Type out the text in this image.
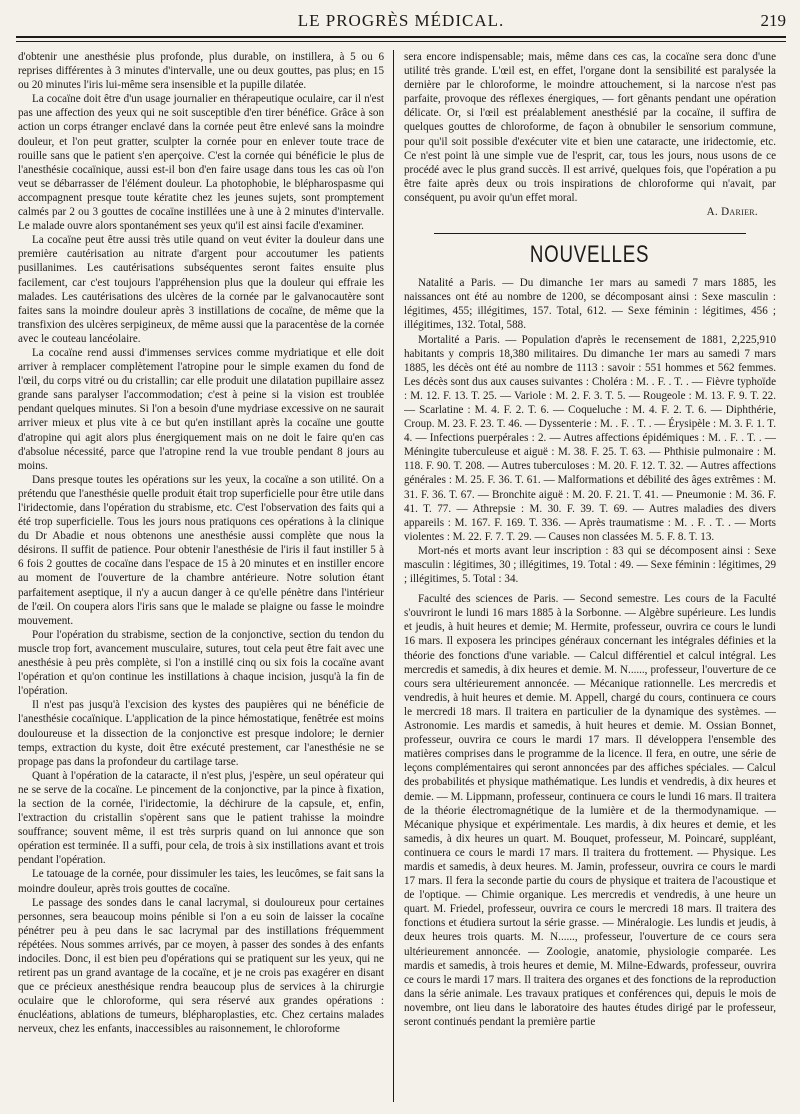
LE PROGRÈS MÉDICAL.	219

d'obtenir une anesthésie plus profonde, plus durable, on instillera, à 5 ou 6 reprises différentes à 3 minutes d'intervalle, une ou deux gouttes, pas plus; en 15 ou 20 minutes l'iris lui-même sera insensible et la pupille dilatée.

La cocaïne doit être d'un usage journalier en thérapeutique oculaire, car il n'est pas une affection des yeux qui ne soit susceptible d'en tirer bénéfice. Grâce à son action un corps étranger enclavé dans la cornée peut être enlevé sans la moindre douleur, et l'on peut gratter, sculpter la cornée pour en enlever toute trace de rouille sans que le patient s'en aperçoive. C'est la cornée qui bénéficie le plus de l'anesthésie cocaïnique, aussi est-il bon d'en faire usage dans tous les cas où l'on veut se débarrasser de l'élément douleur. La photophobie, le blépharospasme qui accompagnent presque toute kératite chez les jeunes sujets, sont promptement calmés par 2 ou 3 gouttes de cocaïne instillées une à une à 2 minutes d'intervalle. Le malade ouvre alors spontanément ses yeux qu'il est ainsi facile d'examiner.

La cocaïne peut être aussi très utile quand on veut éviter la douleur dans une première cautérisation au nitrate d'argent pour accoutumer les patients pusillanimes. Les cautérisations subséquentes seront faites ensuite plus facilement, car c'est toujours l'appréhension plus que la douleur qui effraie les malades. Les cautérisations des ulcères de la cornée par le galvanocautère sont faites sans la moindre douleur après 3 instillations de cocaïne, de même que la transfixion des ulcères serpigineux, de même aussi que la paracentèse de la cornée avec le couteau lancéolaire.

La cocaïne rend aussi d'immenses services comme mydriatique et elle doit arriver à remplacer complètement l'atropine pour le simple examen du fond de l'œil, du corps vitré ou du cristallin; car elle produit une dilatation pupillaire assez grande sans paralyser l'accommodation; c'est à peine si la vision est troublée pendant quelques minutes. Si l'on a besoin d'une mydriase excessive on ne saurait arriver mieux et plus vite à ce but qu'en instillant après la cocaïne une goutte d'atropine qui agit alors plus énergiquement mais on ne doit le faire qu'en cas d'absolue nécessité, parce que l'atropine rend la vue trouble pendant 8 jours au moins.

Dans presque toutes les opérations sur les yeux, la cocaïne a son utilité. On a prétendu que l'anesthésie quelle produit était trop superficielle pour être utile dans l'iridectomie, dans l'opération du strabisme, etc. C'est l'observation des faits qui a été trop superficielle. Tous les jours nous pratiquons ces opérations à la clinique du Dr Abadie et nous obtenons une anesthésie aussi complète que nous la désirons. Il suffit de patience. Pour obtenir l'anesthésie de l'iris il faut instiller 5 à 6 fois 2 gouttes de cocaïne dans l'espace de 15 à 20 minutes et en instiller encore au moment de l'ouverture de la chambre antérieure. Notre solution étant parfaitement aseptique, il n'y a aucun danger à ce qu'elle pénètre dans l'intérieur de l'œil. On coupera alors l'iris sans que le malade se plaigne ou fasse le moindre mouvement.

Pour l'opération du strabisme, section de la conjonctive, section du tendon du muscle trop fort, avancement musculaire, sutures, tout cela peut être fait avec une anesthésie à peu près complète, si l'on a instillé cinq ou six fois la cocaïne avant l'opération et qu'on continue les instillations à chaque incision, jusqu'à la fin de l'opération.

Il n'est pas jusqu'à l'excision des kystes des paupières qui ne bénéficie de l'anesthésie cocaïnique. L'application de la pince hémostatique, fenêtrée est moins douloureuse et la dissection de la conjonctive est presque indolore; le dernier temps, extraction du kyste, doit être exécuté prestement, car l'anesthésie ne se propage pas dans la profondeur du cartilage tarse.

Quant à l'opération de la cataracte, il n'est plus, j'espère, un seul opérateur qui ne se serve de la cocaïne. Le pincement de la conjonctive, par la pince à fixation, la section de la cornée, l'iridectomie, la déchirure de la capsule, et, enfin, l'extraction du cristallin s'opèrent sans que le patient trahisse la moindre souffrance; souvent même, il est très surpris quand on lui annonce que son opération est terminée. Il a suffi, pour cela, de trois à six instillations avant et trois pendant l'opération.

Le tatouage de la cornée, pour dissimuler les taies, les leucômes, se fait sans la moindre douleur, après trois gouttes de cocaïne.

Le passage des sondes dans le canal lacrymal, si douloureux pour certaines personnes, sera beaucoup moins pénible si l'on a eu soin de laisser la cocaïne pénétrer peu à peu dans le sac lacrymal par des instillations fréquemment répétées. Nous sommes arrivés, par ce moyen, à passer des sondes à des enfants indociles. Donc, il est bien peu d'opérations qui se pratiquent sur les yeux, qui ne retirent pas un grand avantage de la cocaïne, et je ne crois pas exagérer en disant que ce précieux anesthésique rendra beaucoup plus de services à la chirurgie oculaire que le chloroforme, qui sera réservé aux grandes opérations : énucléations, ablations de tumeurs, blépharoplasties, etc. Chez certains malades nerveux, chez les enfants, inaccessibles au raisonnement, le chloroforme

sera encore indispensable; mais, même dans ces cas, la cocaïne sera donc d'une utilité très grande. L'œil est, en effet, l'organe dont la sensibilité est paralysée la dernière par le chloroforme, le moindre attouchement, si la narcose n'est pas parfaite, provoque des réflexes énergiques, — fort gênants pendant une opération délicate. Or, si l'œil est préalablement anesthésié par la cocaïne, il suffira de quelques gouttes de chloroforme, de façon à obnubiler le sensorium commune, pour qu'il soit possible d'exécuter vite et bien une cataracte, une iridectomie, etc. Ce n'est point là une simple vue de l'esprit, car, tous les jours, nous usons de ce procédé avec le plus grand succès. Il est arrivé, quelques fois, que l'opération a pu être faite après deux ou trois inspirations de chloroforme qui n'avait, par conséquent, pu avoir qu'un effet moral.

A. Darier.
NOUVELLES

Natalité a Paris. — Du dimanche 1er mars au samedi 7 mars 1885, les naissances ont été au nombre de 1200, se décomposant ainsi : Sexe masculin : légitimes, 455; illégitimes, 157. Total, 612. — Sexe féminin : légitimes, 456 ; illégitimes, 132. Total, 588.

Mortalité a Paris. — Population d'après le recensement de 1881, 2,225,910 habitants y compris 18,380 militaires. Du dimanche 1er mars au samedi 7 mars 1885, les décès ont été au nombre de 1113 : savoir : 551 hommes et 562 femmes. Les décès sont dus aux causes suivantes : Choléra : M. . F. . T. . — Fièvre typhoïde : M. 12. F. 13. T. 25. — Variole : M. 2. F. 3. T. 5. — Rougeole : M. 13. F. 9. T. 22. — Scarlatine : M. 4. F. 2. T. 6. — Coqueluche : M. 4. F. 2. T. 6. — Diphthérie, Croup. M. 23. F. 23. T. 46. — Dyssenterie : M. . F. . T. . — Érysipèle : M. 3. F. 1. T. 4. — Infections puerpérales : 2. — Autres affections épidémiques : M. . F. . T. . — Méningite tuberculeuse et aiguë : M. 38. F. 25. T. 63. — Phthisie pulmonaire : M. 118. F. 90. T. 208. — Autres tuberculoses : M. 20. F. 12. T. 32. — Autres affections générales : M. 25. F. 36. T. 61. — Malformations et débilité des âges extrêmes : M. 31. F. 36. T. 67. — Bronchite aiguë : M. 20. F. 21. T. 41. — Pneumonie : M. 36. F. 41. T. 77. — Athrepsie : M. 30. F. 39. T. 69. — Autres maladies des divers appareils : M. 167. F. 169. T. 336. — Après traumatisme : M. . F. . T. . — Morts violentes : M. 22. F. 7. T. 29. — Causes non classées M. 5. F. 8. T. 13.

Mort-nés et morts avant leur inscription : 83 qui se décomposent ainsi : Sexe masculin : légitimes, 30 ; illégitimes, 19. Total : 49. — Sexe féminin : légitimes, 29 ; illégitimes, 5. Total : 34.

Faculté des sciences de Paris. — Second semestre. Les cours de la Faculté s'ouvriront le lundi 16 mars 1885 à la Sorbonne. — Algèbre supérieure. Les lundis et jeudis, à huit heures et demie; M. Hermite, professeur, ouvrira ce cours le lundi 16 mars. Il exposera les principes généraux concernant les intégrales définies et la théorie des fonctions d'une variable. — Calcul différentiel et calcul intégral. Les mercredis et samedis, à dix heures et demie. M. N......, professeur, l'ouverture de ce cours sera ultérieurement annoncée. — Mécanique rationnelle. Les mercredis et vendredis, à huit heures et demie. M. Appell, chargé du cours, continuera ce cours le mercredi 18 mars. Il traitera en particulier de la dynamique des systèmes. — Astronomie. Les mardis et samedis, à huit heures et demie. M. Ossian Bonnet, professeur, ouvrira ce cours le mardi 17 mars. Il développera l'ensemble des matières comprises dans le programme de la licence. Il fera, en outre, une série de leçons complémentaires qui seront annoncées par des affiches spéciales. — Calcul des probabilités et physique mathématique. Les lundis et vendredis, à dix heures et demie. — M. Lippmann, professeur, continuera ce cours le lundi 16 mars. Il traitera de la théorie électromagnétique de la lumière et de la thermodynamique. — Mécanique physique et expérimentale. Les mardis, à dix heures et demie, et les samedis, à dix heures un quart. M. Bouquet, professeur, M. Poincaré, suppléant, continuera ce cours le mardi 17 mars. Il traitera du frottement. — Physique. Les mardis et samedis, à deux heures. M. Jamin, professeur, ouvrira ce cours le mardi 17 mars. Il fera la seconde partie du cours de physique et traitera de l'acoustique et de l'optique. — Chimie organique. Les mercredis et vendredis, à une heure un quart. M. Friedel, professeur, ouvrira ce cours le mercredi 18 mars. Il traitera des fonctions et étudiera surtout la série grasse. — Minéralogie. Les lundis et jeudis, à deux heures trois quarts. M. N......, professeur, l'ouverture de ce cours sera ultérieurement annoncée. — Zoologie, anatomie, physiologie comparée. Les mardis et samedis, à trois heures et demie, M. Milne-Edwards, professeur, ouvrira ce cours le mardi 17 mars. Il traitera des organes et des fonctions de la reproduction dans la série animale. Les travaux pratiques et conférences qui, depuis le mois de novembre, ont lieu dans le laboratoire des hautes études dirigé par le professeur, seront continués pendant la première partie
